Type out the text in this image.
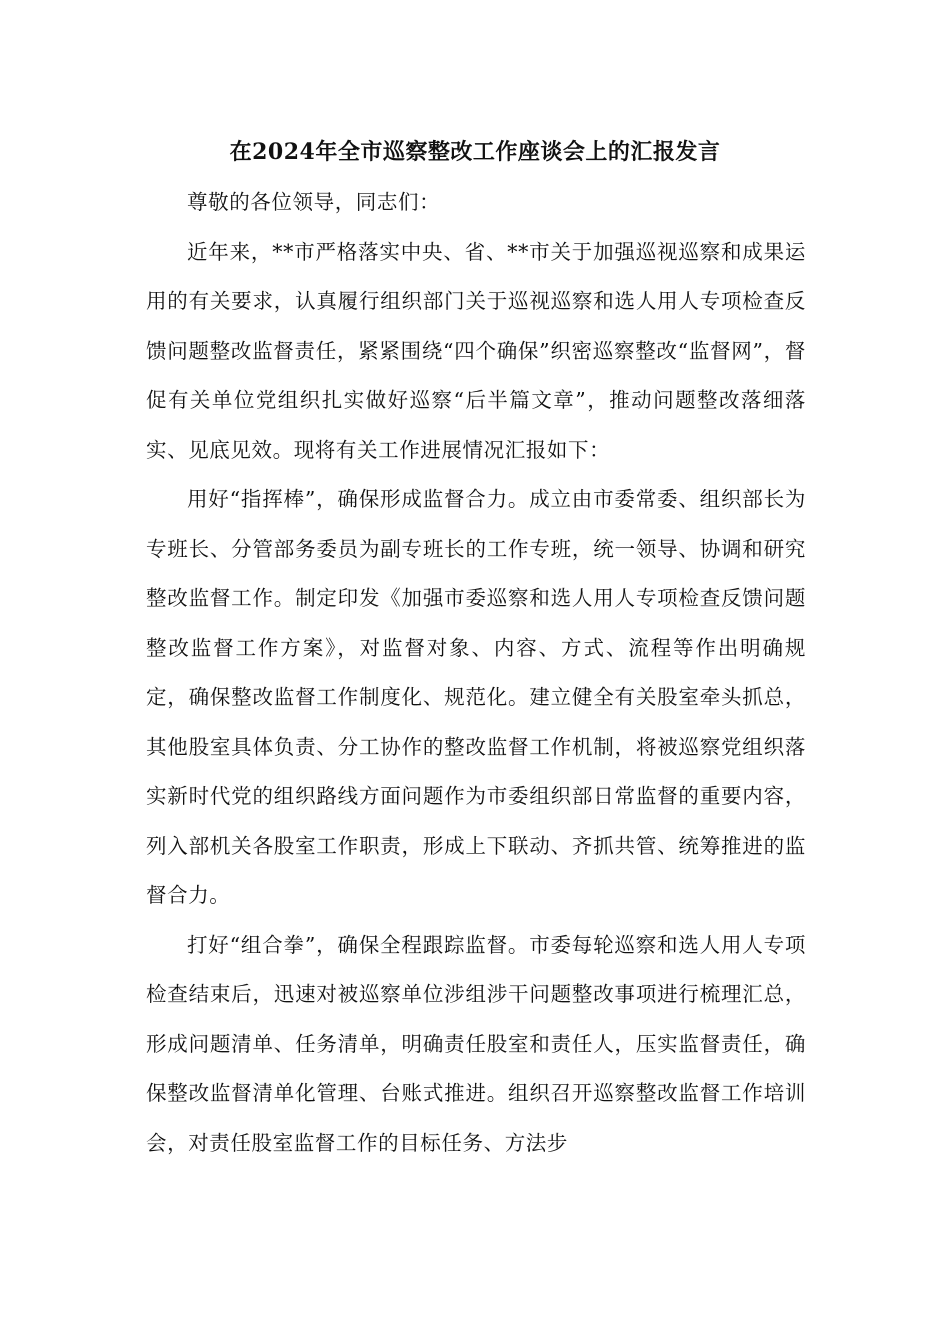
在2024年全市巡察整改工作座谈会上的汇报发言

尊敬的各位领导，同志们：

近年来，**市严格落实中央、省、**市关于加强巡视巡察和成果运用的有关要求，认真履行组织部门关于巡视巡察和选人用人专项检查反馈问题整改监督责任，紧紧围绕“四个确保”织密巡察整改“监督网”，督促有关单位党组织扎实做好巡察“后半篇文章”，推动问题整改落细落实、见底见效。现将有关工作进展情况汇报如下：

用好“指挥棒”，确保形成监督合力。成立由市委常委、组织部长为专班长、分管部务委员为副专班长的工作专班，统一领导、协调和研究整改监督工作。制定印发《加强市委巡察和选人用人专项检查反馈问题整改监督工作方案》，对监督对象、内容、方式、流程等作出明确规定，确保整改监督工作制度化、规范化。建立健全有关股室牵头抓总，其他股室具体负责、分工协作的整改监督工作机制，将被巡察党组织落实新时代党的组织路线方面问题作为市委组织部日常监督的重要内容，列入部机关各股室工作职责，形成上下联动、齐抓共管、统筹推进的监督合力。

打好“组合拳”，确保全程跟踪监督。市委每轮巡察和选人用人专项检查结束后，迅速对被巡察单位涉组涉干问题整改事项进行梳理汇总，形成问题清单、任务清单，明确责任股室和责任人，压实监督责任，确保整改监督清单化管理、台账式推进。组织召开巡察整改监督工作培训会，对责任股室监督工作的目标任务、方法步
